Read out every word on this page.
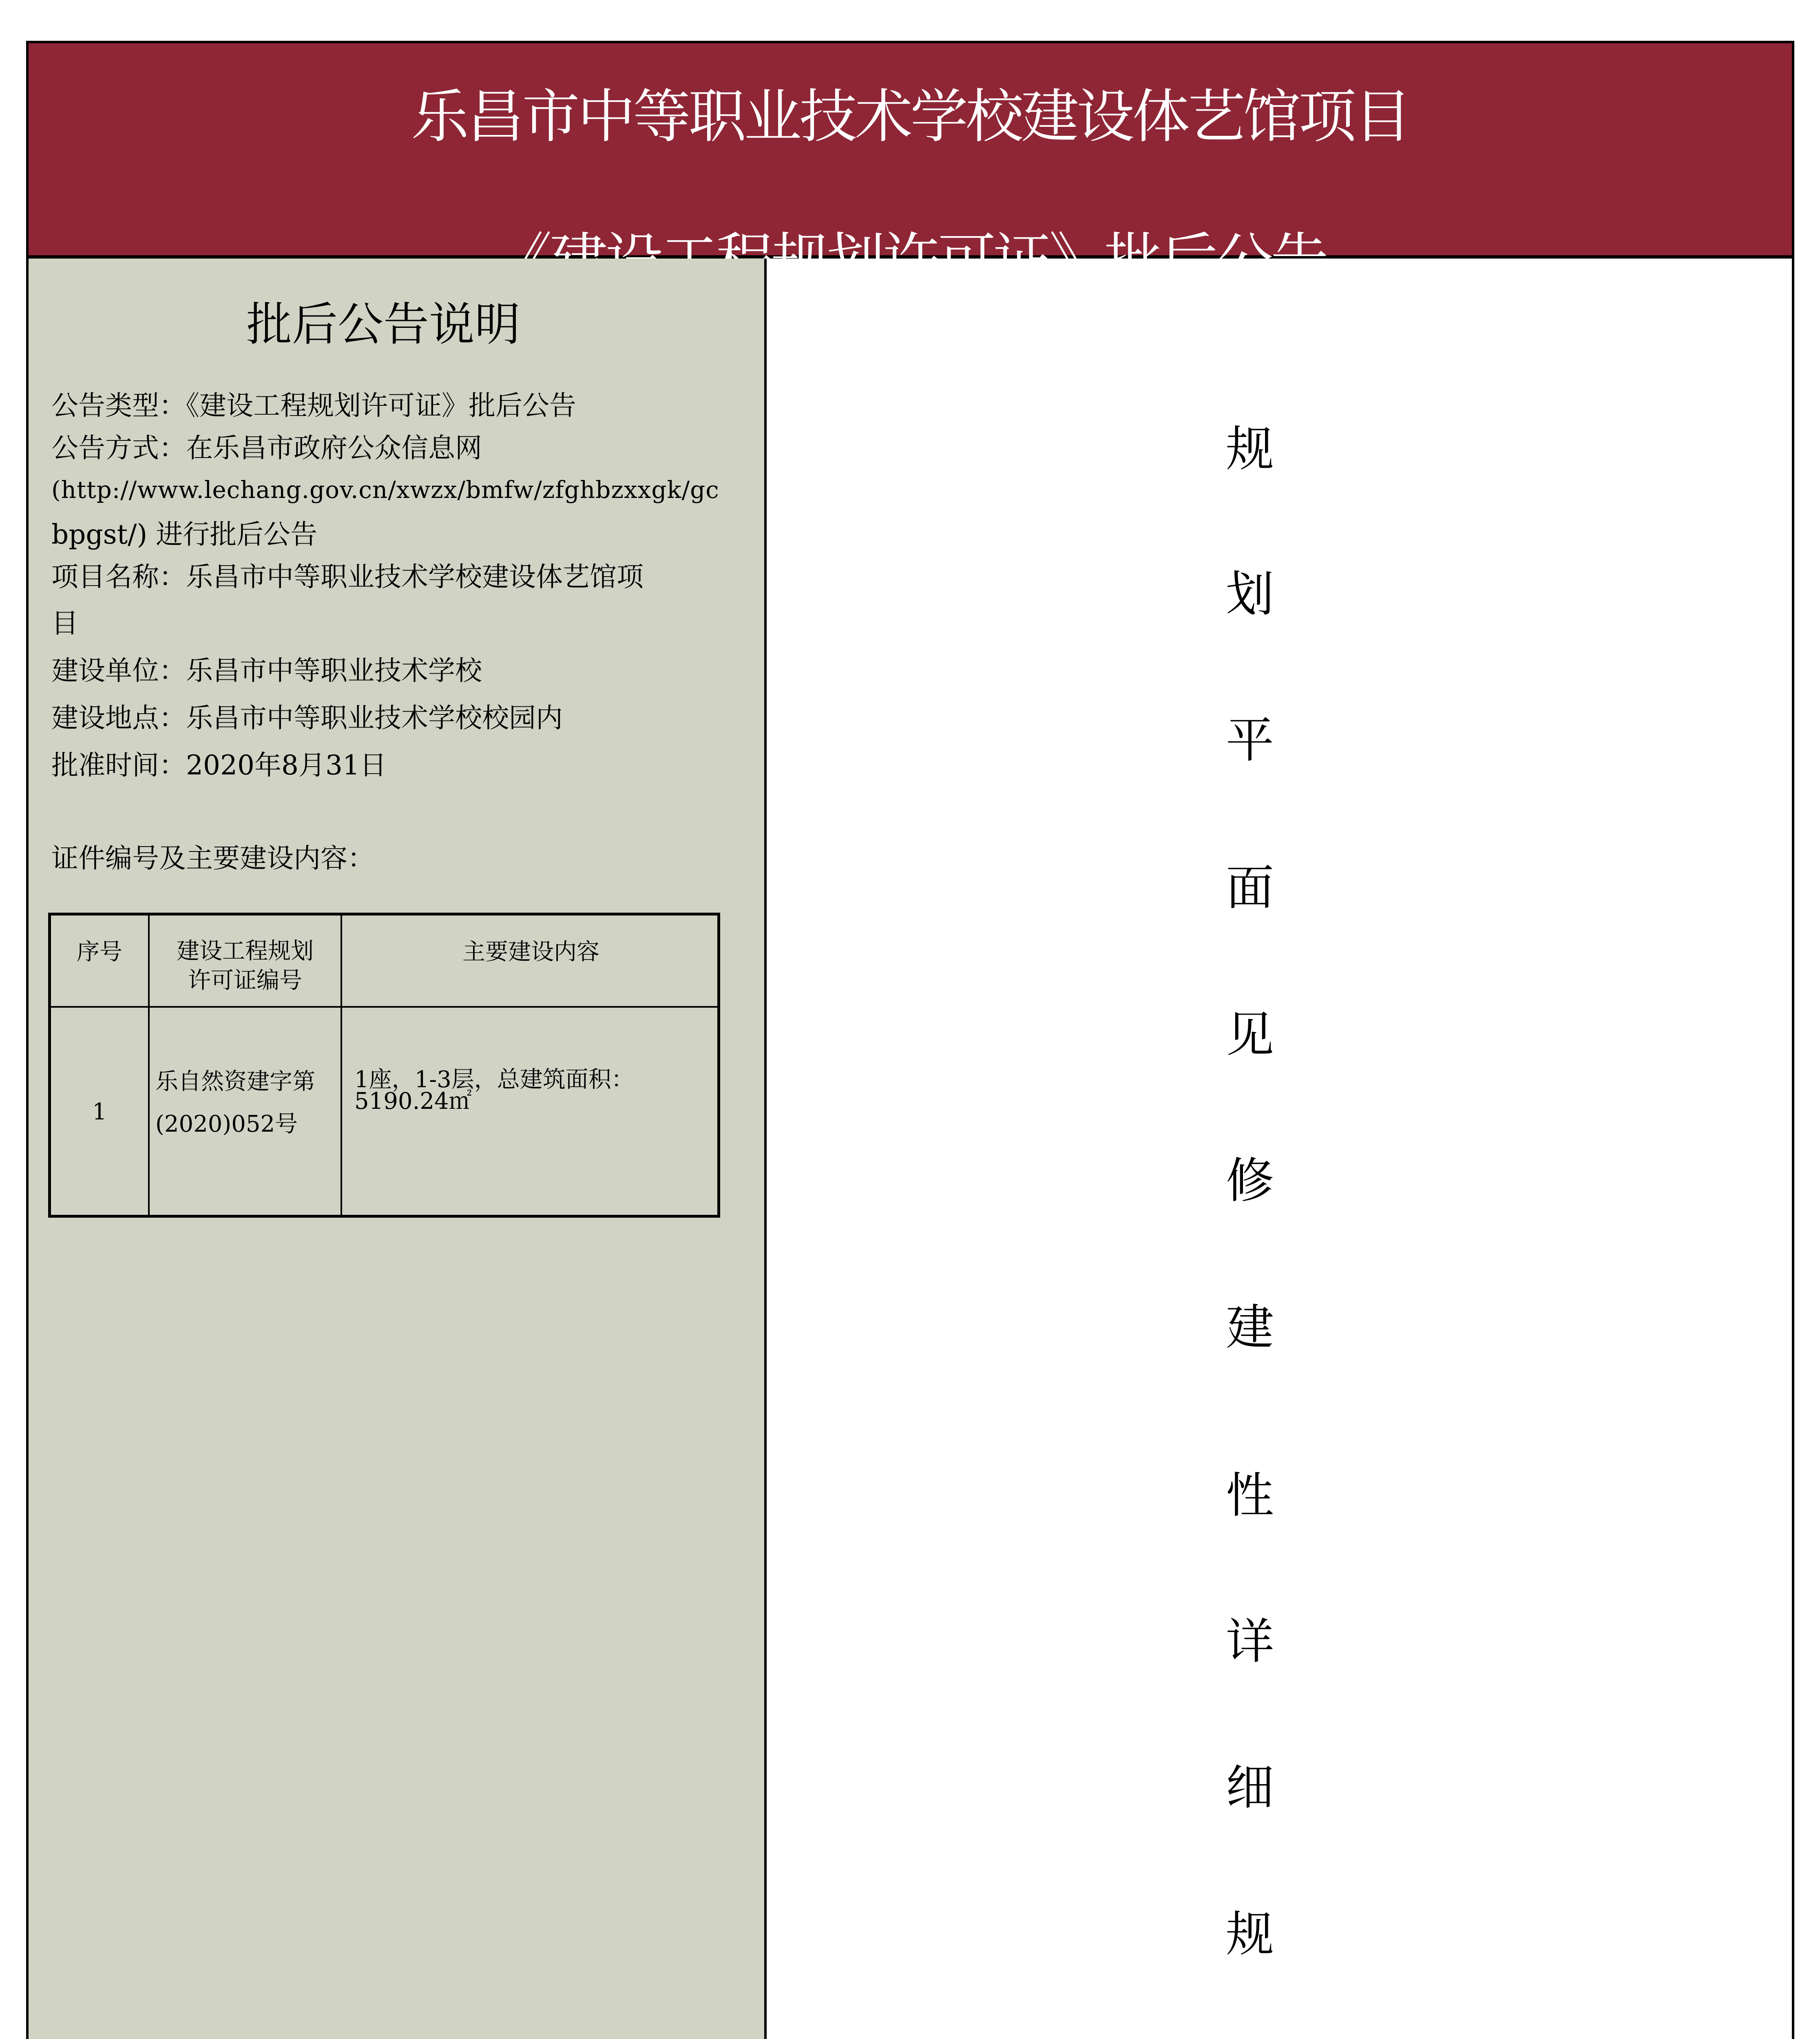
乐昌市中等职业技术学校建设体艺馆项目
批后公告说明
公告类型：《建设工程规划许可证》批后公告
公告方式：在乐昌市政府公众信息网
(http://www.lechang.gov.cn/xwzx/bmfw/zfghbzxxgk/gc
bpgst/) 进行批后公告
项目名称：乐昌市中等职业技术学校建设体艺馆项
目
建设单位：乐昌市中等职业技术学校
建设地点：乐昌市中等职业技术学校校园内
批准时间：2020年8月31日
证件编号及主要建设内容：
序号	建设工程规划
许可证编号
主要建设内容
1
乐自然资建字第
(2020)052号
1座，1-3层，总建筑面积：
5190.24㎡
规
划
平
面
见
修
建
性
详
细
规
